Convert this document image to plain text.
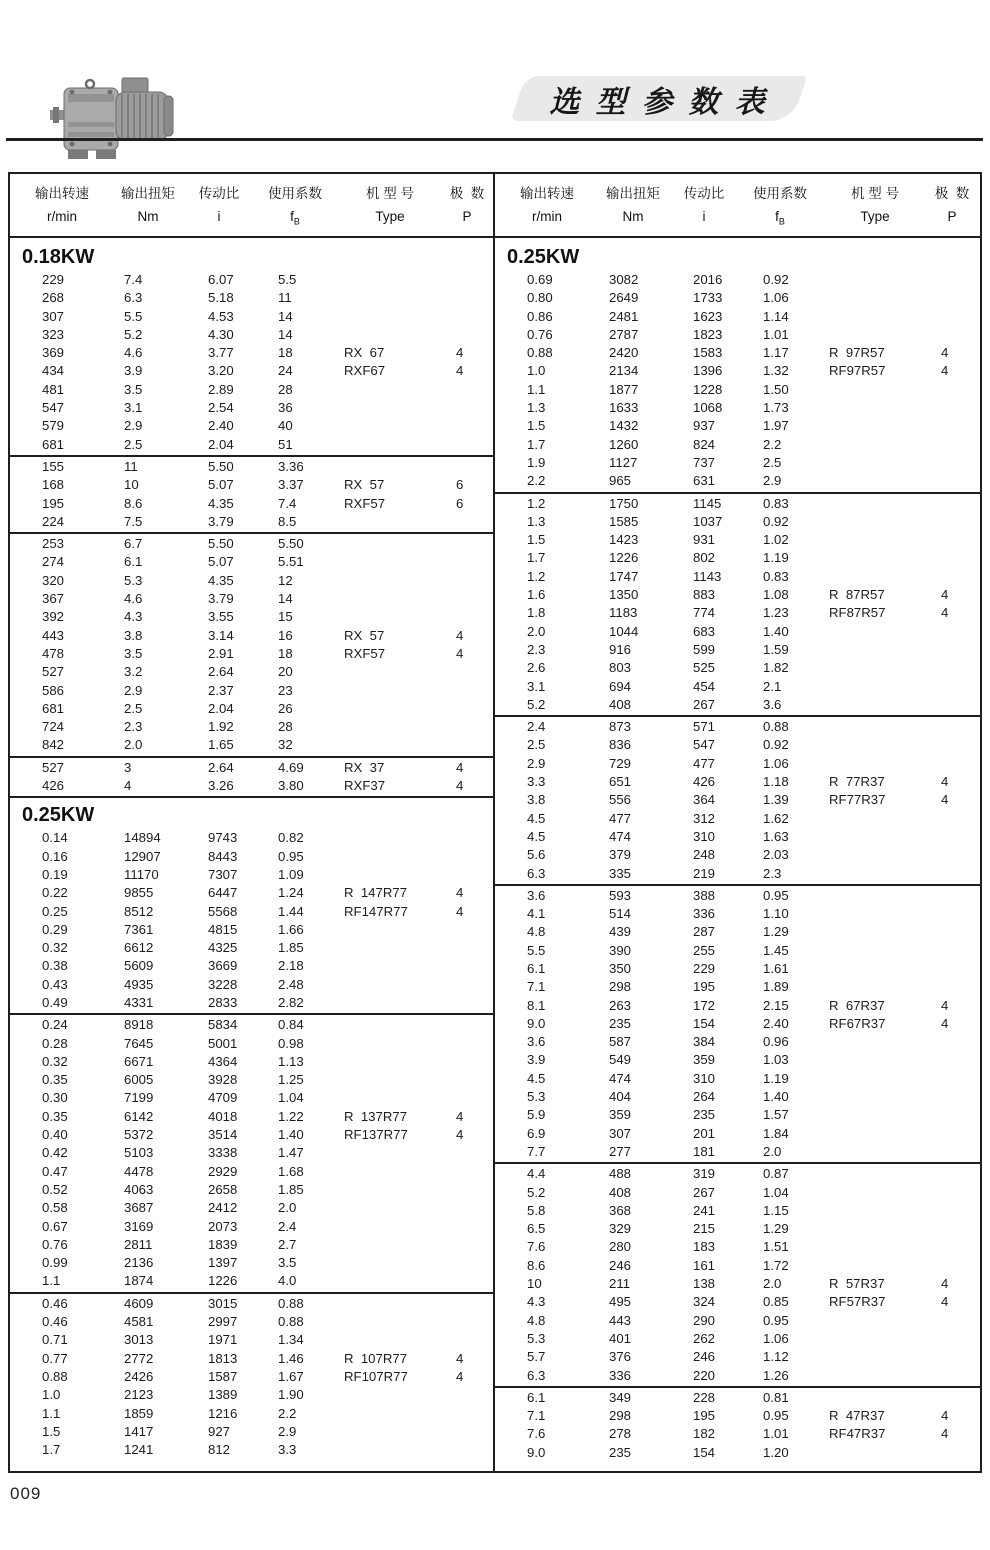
选 型 参 数 表
输出转速
r/min
输出扭矩
Nm
传动比
i
使用系数
$f_B$
机 型 号
Type
极  数
P
0.18KW
229	7.4	6.07	5.5
268	6.3	5.18	11
307	5.5	4.53	14
323	5.2	4.30	14
369	4.6	3.77	18	RX  67	4
434	3.9	3.20	24	RXF67	4
481	3.5	2.89	28
547	3.1	2.54	36
579	2.9	2.40	40
681	2.5	2.04	51
155	11	5.50	3.36
168	10	5.07	3.37	RX  57	6
195	8.6	4.35	7.4	RXF57	6
224	7.5	3.79	8.5
253	6.7	5.50	5.50
274	6.1	5.07	5.51
320	5.3	4.35	12
367	4.6	3.79	14
392	4.3	3.55	15
443	3.8	3.14	16	RX  57	4
478	3.5	2.91	18	RXF57	4
527	3.2	2.64	20
586	2.9	2.37	23
681	2.5	2.04	26
724	2.3	1.92	28
842	2.0	1.65	32
527	3	2.64	4.69	RX  37	4
426	4	3.26	3.80	RXF37	4
0.25KW
0.14	14894	9743	0.82
0.16	12907	8443	0.95
0.19	11170	7307	1.09
0.22	9855	6447	1.24	R  147R77	4
0.25	8512	5568	1.44	RF147R77	4
0.29	7361	4815	1.66
0.32	6612	4325	1.85
0.38	5609	3669	2.18
0.43	4935	3228	2.48
0.49	4331	2833	2.82
0.24	8918	5834	0.84
0.28	7645	5001	0.98
0.32	6671	4364	1.13
0.35	6005	3928	1.25
0.30	7199	4709	1.04
0.35	6142	4018	1.22	R  137R77	4
0.40	5372	3514	1.40	RF137R77	4
0.42	5103	3338	1.47
0.47	4478	2929	1.68
0.52	4063	2658	1.85
0.58	3687	2412	2.0
0.67	3169	2073	2.4
0.76	2811	1839	2.7
0.99	2136	1397	3.5
1.1	1874	1226	4.0
0.46	4609	3015	0.88
0.46	4581	2997	0.88
0.71	3013	1971	1.34
0.77	2772	1813	1.46	R  107R77	4
0.88	2426	1587	1.67	RF107R77	4
1.0	2123	1389	1.90
1.1	1859	1216	2.2
1.5	1417	927	2.9
1.7	1241	812	3.3
输出转速
r/min
输出扭矩
Nm
传动比
i
使用系数
$f_B$
机 型 号
Type
极  数
P
0.25KW
0.69	3082	2016	0.92
0.80	2649	1733	1.06
0.86	2481	1623	1.14
0.76	2787	1823	1.01
0.88	2420	1583	1.17	R  97R57	4
1.0	2134	1396	1.32	RF97R57	4
1.1	1877	1228	1.50
1.3	1633	1068	1.73
1.5	1432	937	1.97
1.7	1260	824	2.2
1.9	1127	737	2.5
2.2	965	631	2.9
1.2	1750	1145	0.83
1.3	1585	1037	0.92
1.5	1423	931	1.02
1.7	1226	802	1.19
1.2	1747	1143	0.83
1.6	1350	883	1.08	R  87R57	4
1.8	1183	774	1.23	RF87R57	4
2.0	1044	683	1.40
2.3	916	599	1.59
2.6	803	525	1.82
3.1	694	454	2.1
5.2	408	267	3.6
2.4	873	571	0.88
2.5	836	547	0.92
2.9	729	477	1.06
3.3	651	426	1.18	R  77R37	4
3.8	556	364	1.39	RF77R37	4
4.5	477	312	1.62
4.5	474	310	1.63
5.6	379	248	2.03
6.3	335	219	2.3
3.6	593	388	0.95
4.1	514	336	1.10
4.8	439	287	1.29
5.5	390	255	1.45
6.1	350	229	1.61
7.1	298	195	1.89
8.1	263	172	2.15	R  67R37	4
9.0	235	154	2.40	RF67R37	4
3.6	587	384	0.96
3.9	549	359	1.03
4.5	474	310	1.19
5.3	404	264	1.40
5.9	359	235	1.57
6.9	307	201	1.84
7.7	277	181	2.0
4.4	488	319	0.87
5.2	408	267	1.04
5.8	368	241	1.15
6.5	329	215	1.29
7.6	280	183	1.51
8.6	246	161	1.72
10	211	138	2.0	R  57R37	4
4.3	495	324	0.85	RF57R37	4
4.8	443	290	0.95
5.3	401	262	1.06
5.7	376	246	1.12
6.3	336	220	1.26
6.1	349	228	0.81
7.1	298	195	0.95	R  47R37	4
7.6	278	182	1.01	RF47R37	4
9.0	235	154	1.20
009
